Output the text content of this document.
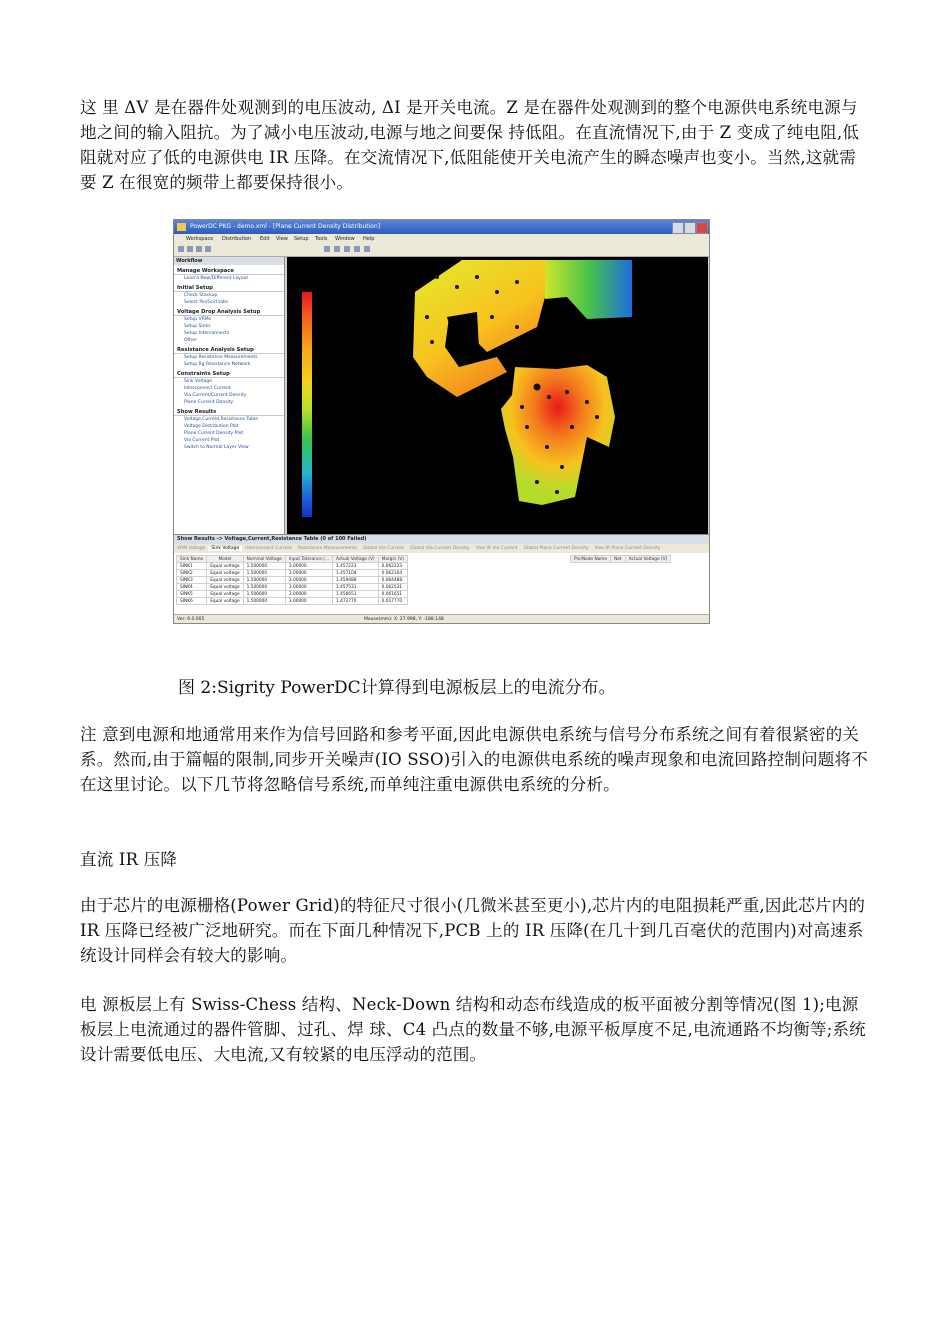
这 里 ΔV 是在器件处观测到的电压波动, ΔI 是开关电流。Z 是在器件处观测到的整个电源供电系统电源与地之间的输入阻抗。为了减小电压波动,电源与地之间要保 持低阻。在直流情况下,由于 Z 变成了纯电阻,低阻就对应了低的电源供电 IR 压降。在交流情况下,低阻能使开关电流产生的瞬态噪声也变小。当然,这就需要 Z 在很宽的频带上都要保持很小。

PowerDC PKG - demo.xml - [Plane Current Density Distribution]
Workspace Distribution Edit View Setup Tools Window Help
Workflow
Manage Workspace
Load a New/Different Layout
Initial Setup
Check Stackup
Select Pin/Grid tabs
Voltage Drop Analysis Setup
Setup VRMs
Setup Sinks
Setup Interconnects
Other
Resistance Analysis Setup
Setup Resistance Measurements
Setup Rg Resistance Network
Constraints Setup
Sink Voltage
Interconnect Current
Via Current/Current Density
Plane Current Density
Show Results
Voltage,Current,Resistance Table
Voltage Distribution Plot
Plane Current Density Plot
Via Current Plot
Switch to Normal Layer View
Show Results -> Voltage,Current,Resistance Table (0 of 100 Failed)
VRM Voltage Sink Voltage Interconnect Current Resistance Measurements Global Via Current Global Via Current Density Vias IR Via Current Global Plane Current Density Vias IR Plane Current Density
Sink Name	Model	Nominal Voltage	Input Tolerance (...	Actual Voltage (V)	Margin (V)
SINK1	Equal voltage	1.500000	3.00000	1.457223	0.062223
SINK2	Equal voltage	1.500000	3.00000	1.457104	0.062104
SINK3	Equal voltage	1.500000	3.00000	1.459488	0.064488
SINK4	Equal voltage	1.500000	3.00000	1.457531	0.062531
SINK5	Equal voltage	1.500000	3.00000	1.456651	0.061651
SINK6	Equal voltage	1.500000	3.00000	1.472770	0.017770
Pin/Node Name	Net	Actual Voltage (V)
Ver: 6.0.005	Mouse(mm): X: 27.998, Y: -188.148

图 2:Sigrity PowerDC计算得到电源板层上的电流分布。

注 意到电源和地通常用来作为信号回路和参考平面,因此电源供电系统与信号分布系统之间有着很紧密的关系。然而,由于篇幅的限制,同步开关噪声(IO SSO)引入的电源供电系统的噪声现象和电流回路控制问题将不在这里讨论。以下几节将忽略信号系统,而单纯注重电源供电系统的分析。

直流 IR 压降

由于芯片的电源栅格(Power Grid)的特征尺寸很小(几微米甚至更小),芯片内的电阻损耗严重,因此芯片内的 IR 压降已经被广泛地研究。而在下面几种情况下,PCB 上的 IR 压降(在几十到几百毫伏的范围内)对高速系统设计同样会有较大的影响。

电 源板层上有 Swiss-Chess 结构、Neck-Down 结构和动态布线造成的板平面被分割等情况(图 1);电源板层上电流通过的器件管脚、过孔、焊 球、C4 凸点的数量不够,电源平板厚度不足,电流通路不均衡等;系统设计需要低电压、大电流,又有较紧的电压浮动的范围。
